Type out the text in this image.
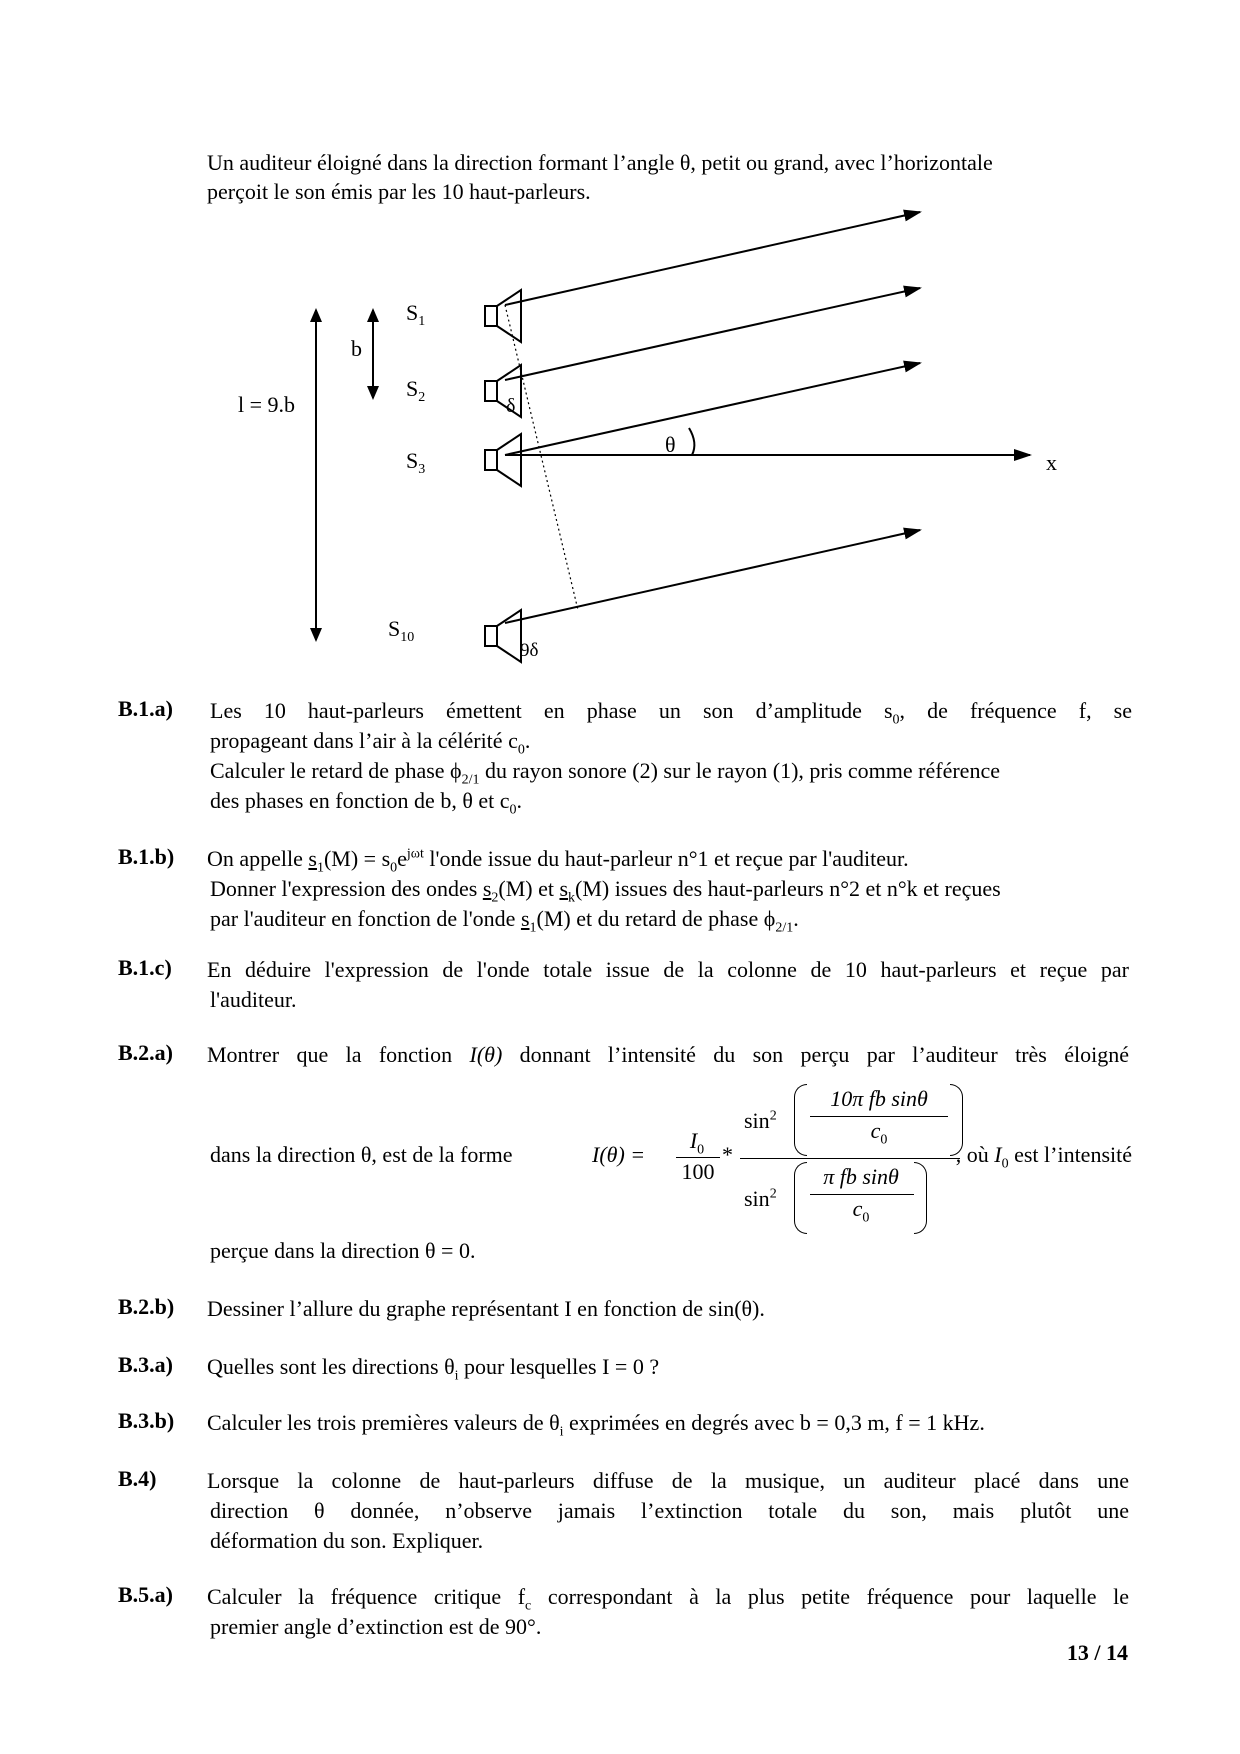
Un auditeur éloigné dans la direction formant l’angle θ, petit ou grand, avec l’horizontale
perçoit le son émis par les 10 haut-parleurs.
$S_1$
$S_2$
$S_3$
$S_{10}$
b
l = 9.b	δ
θ
9δ
x
B.1.a) Les 10 haut-parleurs émettent en phase un son d’amplitude $s_0$, de fréquence f, se

propageant dans l’air à la célérité $c_0$.

Calculer le retard de phase $\phi_{2/1}$ du rayon sonore (2) sur le rayon (1), pris comme référence

des phases en fonction de b, θ et $c_0$.

B.1.b) On appelle $s_1(M) = s_0e^{j\omega t}$ l'onde issue du haut-parleur n°1 et reçue par l'auditeur.

Donner l'expression des ondes $s_2(M)$ et $s_k(M)$ issues des haut-parleurs n°2 et n°k et reçues

par l'auditeur en fonction de l'onde $s_1(M)$ et du retard de phase $\phi_{2/1}$.

B.1.c) En déduire l'expression de l'onde totale issue de la colonne de 10 haut-parleurs et reçue par

l'auditeur.

B.2.a) Montrer que la fonction I(θ) donnant l’intensité du son perçu par l’auditeur très éloigné

dans la direction θ, est de la forme	I(θ) =
$I_0$
100
*
$\sin^2$
10π fb sinθ
$c_0$
$\sin^2$
π fb sinθ
$c_0$
, où $I_0$ est l’intensité
perçue dans la direction θ = 0.
B.2.b) Dessiner l’allure du graphe représentant I en fonction de sin(θ).
B.3.a) Quelles sont les directions $\theta_i$ pour lesquelles I = 0 ?
B.3.b) Calculer les trois premières valeurs de $\theta_i$ exprimées en degrés avec b = 0,3 m, f = 1 kHz.
B.4) Lorsque la colonne de haut-parleurs diffuse de la musique, un auditeur placé dans une

direction θ donnée, n’observe jamais l’extinction totale du son, mais plutôt une

déformation du son. Expliquer.

B.5.a) Calculer la fréquence critique $f_c$ correspondant à la plus petite fréquence pour laquelle le

premier angle d’extinction est de 90°.

13 / 14
